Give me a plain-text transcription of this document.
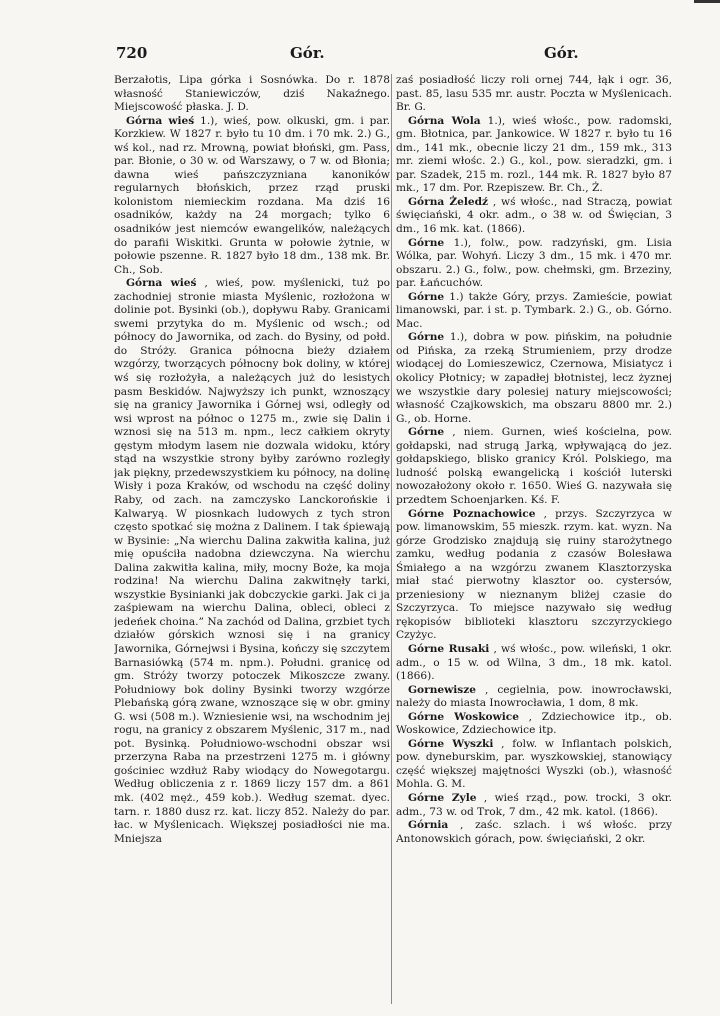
720	Gór.	Gór.

Berzałotis, Lipa górka i Sosnówka. Do r. 1878 własność Staniewiczów, dziś Nakaźnego. Miejscowość płaska. J. D.

Górna wieś 1.), wieś, pow. olkuski, gm. i par. Korzkiew. W 1827 r. było tu 10 dm. i 70 mk. 2.) G., wś kol., nad rz. Mrowną, powiat błoński, gm. Pass, par. Błonie, o 30 w. od Warszawy, o 7 w. od Błonia; dawna wieś pańszczyzniana kanoników regularnych błońskich, przez rząd pruski kolonistom niemieckim rozdana. Ma dziś 16 osadników, każdy na 24 morgach; tylko 6 osadników jest niemców ewangelików, należących do parafii Wiskitki. Grunta w połowie żytnie, w połowie pszenne. R. 1827 było 18 dm., 138 mk. Br. Ch., Sob.

Górna wieś , wieś, pow. myślenicki, tuż po zachodniej stronie miasta Myślenic, rozłożona w dolinie pot. Bysinki (ob.), dopływu Raby. Granicami swemi przytyka do m. Myślenic od wsch.; od północy do Jawornika, od zach. do Bysiny, od połd. do Stróży. Granica północna bieży działem wzgórzy, tworzących północny bok doliny, w której wś się rozłożyła, a należących już do lesistych pasm Beskidów. Najwyższy ich punkt, wznoszący się na granicy Jawornika i Górnej wsi, odległy od wsi wprost na północ o 1275 m., zwie się Dalin i wznosi się na 513 m. npm., lecz całkiem okryty gęstym młodym lasem nie dozwala widoku, który stąd na wszystkie strony byłby zarówno rozległy jak piękny, przedewszystkiem ku północy, na dolinę Wisły i poza Kraków, od wschodu na część doliny Raby, od zach. na zamczysko Lanckorońskie i Kalwaryą. W piosnkach ludowych z tych stron często spotkać się można z Dalinem. I tak śpiewają w Bysinie: „Na wierchu Dalina zakwitła kalina, już mię opuściła nadobna dziewczyna. Na wierchu Dalina zakwitła kalina, miły, mocny Boże, ka moja rodzina! Na wierchu Dalina zakwitnęły tarki, wszystkie Bysinianki jak dobczyckie garki. Jak ci ja zaśpiewam na wierchu Dalina, obleci, obleci z jedeńek choina.” Na zachód od Dalina, grzbiet tych działów górskich wznosi się i na granicy Jawornika, Górnejwsi i Bysina, kończy się szczytem Barnasiówką (574 m. npm.). Południ. granicę od gm. Stróży tworzy potoczek Mikoszcze zwany. Południowy bok doliny Bysinki tworzy wzgórze Plebańską górą zwane, wznoszące się w obr. gminy G. wsi (508 m.). Wzniesienie wsi, na wschodnim jej rogu, na granicy z obszarem Myślenic, 317 m., nad pot. Bysinką. Południowo-wschodni obszar wsi przerzyna Raba na przestrzeni 1275 m. i główny gościniec wzdłuż Raby wiodący do Nowegotargu. Według obliczenia z r. 1869 liczy 157 dm. a 861 mk. (402 męż., 459 kob.). Według szemat. dyec. tarn. r. 1880 dusz rz. kat. liczy 852. Należy do par. łac. w Myślenicach. Większej posiadłości nie ma. Mniejsza

zaś posiadłość liczy roli ornej 744, łąk i ogr. 36, past. 85, lasu 535 mr. austr. Poczta w Myślenicach. Br. G.

Górna Wola 1.), wieś włośc., pow. radomski, gm. Błotnica, par. Jankowice. W 1827 r. było tu 16 dm., 141 mk., obecnie liczy 21 dm., 159 mk., 313 mr. ziemi włośc. 2.) G., kol., pow. sieradzki, gm. i par. Szadek, 215 m. rozl., 144 mk. R. 1827 było 87 mk., 17 dm. Por. Rzepiszew. Br. Ch., Ż.

Górna Żeledź , wś włośc., nad Straczą, powiat święciański, 4 okr. adm., o 38 w. od Święcian, 3 dm., 16 mk. kat. (1866).

Górne 1.), folw., pow. radzyński, gm. Lisia Wólka, par. Wohyń. Liczy 3 dm., 15 mk. i 470 mr. obszaru. 2.) G., folw., pow. chełmski, gm. Brzeziny, par. Łańcuchów.

Górne 1.) także Góry, przys. Zamieście, powiat limanowski, par. i st. p. Tymbark. 2.) G., ob. Górno. Mac.

Górne 1.), dobra w pow. pińskim, na południe od Pińska, za rzeką Strumieniem, przy drodze wiodącej do Lomieszewicz, Czernowa, Misiatycz i okolicy Płotnicy; w zapadłej błotnistej, lecz żyznej we wszystkie dary polesiej natury miejscowości; własność Czajkowskich, ma obszaru 8800 mr. 2.) G., ob. Horne.

Górne , niem. Gurnen, wieś kościelna, pow. gołdapski, nad strugą Jarką, wpływającą do jez. gołdapskiego, blisko granicy Król. Polskiego, ma ludność polską ewangelicką i kościół luterski nowozałożony około r. 1650. Wieś G. nazywała się przedtem Schoenjarken. Kś. F.

Górne Poznachowice , przys. Szczyrzyca w pow. limanowskim, 55 mieszk. rzym. kat. wyzn. Na górze Grodzisko znajdują się ruiny starożytnego zamku, według podania z czasów Bolesława Śmiałego a na wzgórzu zwanem Klasztorzyska miał stać pierwotny klasztor oo. cystersów, przeniesiony w nieznanym bliżej czasie do Szczyrzyca. To miejsce nazywało się według rękopisów biblioteki klasztoru szczyrzyckiego Czyżyc.

Górne Rusaki , wś włośc., pow. wileński, 1 okr. adm., o 15 w. od Wilna, 3 dm., 18 mk. katol. (1866).

Gornewisze , cegielnia, pow. inowrocławski, należy do miasta Inowrocławia, 1 dom, 8 mk.

Górne Woskowice , Zdziechowice itp., ob. Woskowice, Zdziechowice itp.

Górne Wyszki , folw. w Inflantach polskich, pow. dyneburskim, par. wyszkowskiej, stanowiący część większej majętności Wyszki (ob.), własność Mohla. G. M.

Górne Zyle , wieś rząd., pow. trocki, 3 okr. adm., 73 w. od Trok, 7 dm., 42 mk. katol. (1866).

Górnia , zaśc. szlach. i wś włośc. przy Antonowskich górach, pow. święciański, 2 okr.
